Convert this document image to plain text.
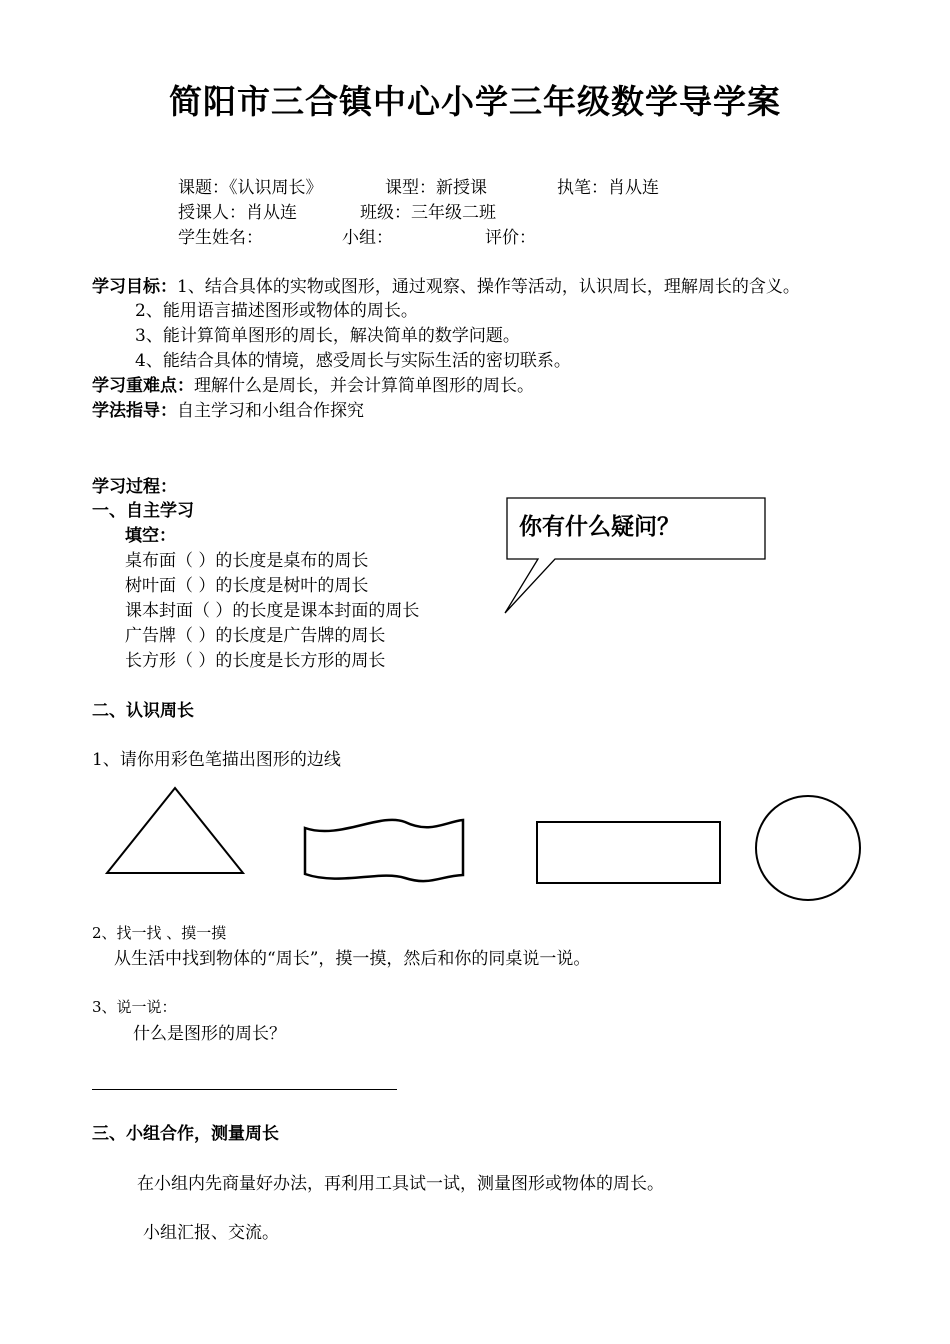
简阳市三合镇中心小学三年级数学导学案
课题：《认识周长》	课型：新授课	执笔：肖从连
授课人：肖从连	班级：三年级二班
学生姓名：	小组：	评价：
学习目标：1、结合具体的实物或图形，通过观察、操作等活动，认识周长，理解周长的含义。
2、能用语言描述图形或物体的周长。
3、能计算简单图形的周长，解决简单的数学问题。
4、能结合具体的情境，感受周长与实际生活的密切联系。
学习重难点：理解什么是周长，并会计算简单图形的周长。
学法指导：自主学习和小组合作探究
学习过程：
一、自主学习
填空：
桌布面（ ）的长度是桌布的周长
树叶面（ ）的长度是树叶的周长
课本封面（ ）的长度是课本封面的周长
广告牌（ ）的长度是广告牌的周长
长方形（ ）的长度是长方形的周长
你有什么疑问？
二、认识周长
1、请你用彩色笔描出图形的边线
2、找一找 、摸一摸
从生活中找到物体的“周长”，摸一摸，然后和你的同桌说一说。
3、说一说：
什么是图形的周长？
三、小组合作，测量周长
在小组内先商量好办法，再利用工具试一试，测量图形或物体的周长。
小组汇报、交流。
